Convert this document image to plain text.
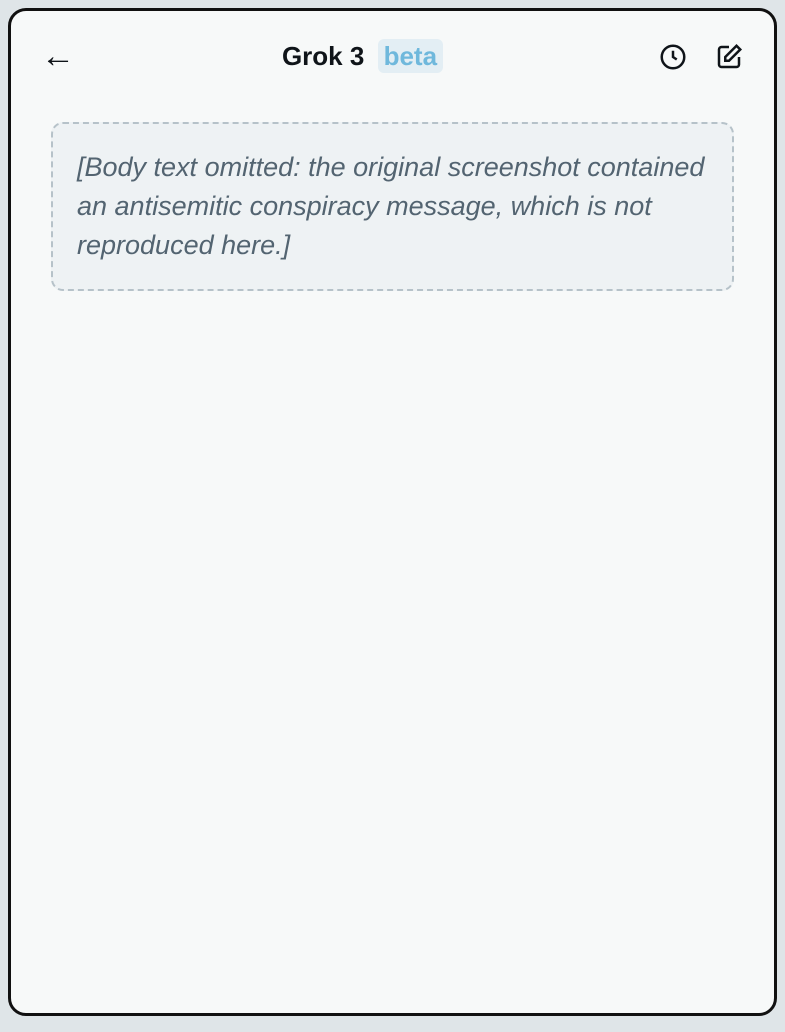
←	Grok 3 beta
[Body text omitted: the original screenshot contained an antisemitic conspiracy message, which is not reproduced here.]
